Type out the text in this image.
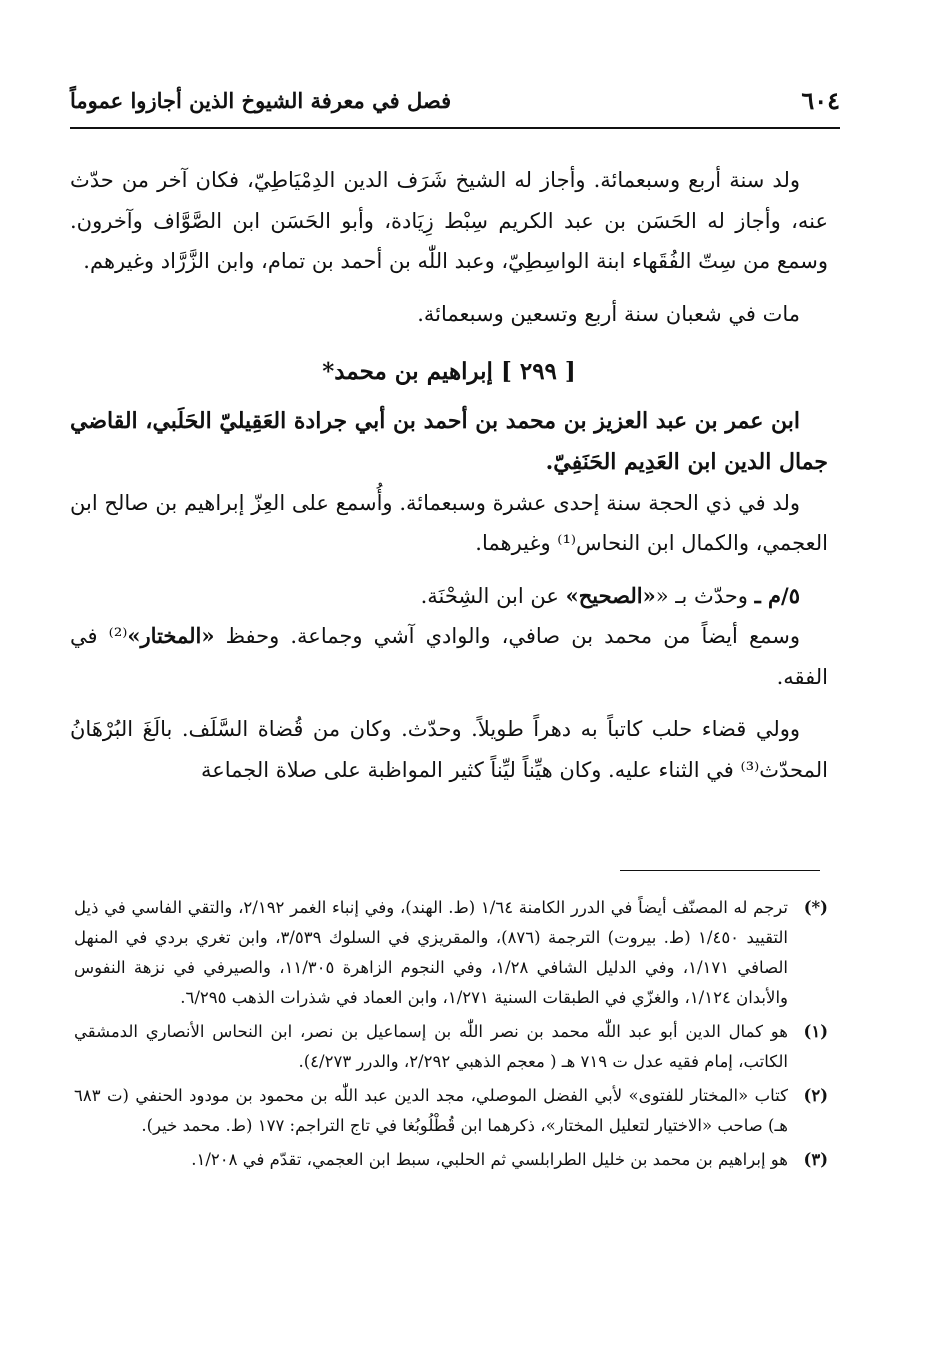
٦٠٤
فصل في معرفة الشيوخ الذين أجازوا عموماً

ولد سنة أربع وسبعمائة. وأجاز له الشيخ شَرَف الدين الدِمْيَاطِيّ، فكان آخر من حدّث عنه، وأجاز له الحَسَن بن عبد الكريم سِبْط زِيَادة، وأبو الحَسَن ابن الصَّوَّاف وآخرون. وسمع من سِتّ الفُقَهاء ابنة الواسِطِيّ، وعبد اللّٰه بن أحمد بن تمام، وابن الزَّرَّاد وغيرهم.

مات في شعبان سنة أربع وتسعين وسبعمائة.

[ ٢٩٩ ] إبراهيم بن محمد*

ابن عمر بن عبد العزيز بن محمد بن أحمد بن أبي جرادة العَقِيليّ الحَلَبي، القاضي جمال الدين ابن العَدِيم الحَنَفِيّ.

ولد في ذي الحجة سنة إحدى عشرة وسبعمائة. وأُسمع على العِزّ إبراهيم بن صالح ابن العجمي، والكمال ابن النحاس⁽¹⁾ وغيرهما.

٥/م ـ وحدّث بـ ««الصحيح» عن ابن الشِحْنَة.

وسمع أيضاً من محمد بن صافي، والوادي آشي وجماعة. وحفظ «المختار»⁽²⁾ في الفقه.

وولي قضاء حلب كاتباً به دهراً طويلاً. وحدّث. وكان من قُضاة السَّلَف. بالَغَ البُرْهَانُ المحدّث⁽³⁾ في الثناء عليه. وكان هيِّناً ليِّناً كثير المواظبة على صلاة الجماعة

(*)
ترجم له المصنّف أيضاً في الدرر الكامنة ١/٦٤ (ط. الهند)، وفي إنباء الغمر ٢/١٩٢، والتقي الفاسي في ذيل التقييد ١/٤٥٠ (ط. بيروت) الترجمة (٨٧٦)، والمقريزي في السلوك ٣/٥٣٩، وابن تغري بردي في المنهل الصافي ١/١٧١، وفي الدليل الشافي ١/٢٨، وفي النجوم الزاهرة ١١/٣٠٥، والصيرفي في نزهة النفوس والأبدان ١/١٢٤، والغزّي في الطبقات السنية ١/٢٧١، وابن العماد في شذرات الذهب ٦/٢٩٥.

(١)
هو كمال الدين أبو عبد اللّٰه محمد بن نصر اللّٰه بن إسماعيل بن نصر، ابن النحاس الأنصاري الدمشقي الكاتب، إمام فقيه عدل ت ٧١٩ هـ ( معجم الذهبي ٢/٢٩٢، والدرر ٤/٢٧٣).

(٢)
كتاب «المختار للفتوى» لأبي الفضل الموصلي، مجد الدين عبد اللّٰه بن محمود بن مودود الحنفي (ت ٦٨٣ هـ) صاحب «الاختيار لتعليل المختار»، ذكرهما ابن قُطْلُوبُغا في تاج التراجم: ١٧٧ (ط. محمد خير).

(٣)
هو إبراهيم بن محمد بن خليل الطرابلسي ثم الحلبي، سبط ابن العجمي، تقدّم في ١/٢٠٨.
